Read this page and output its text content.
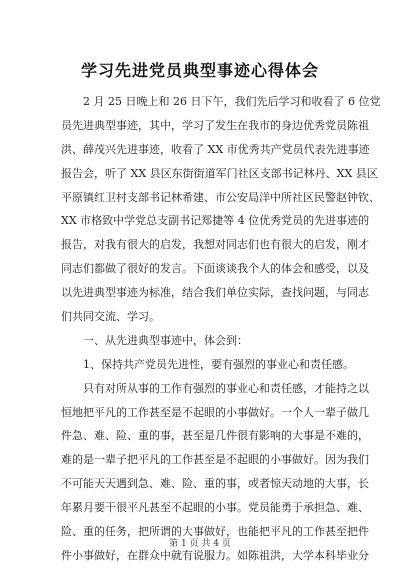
学习先进党员典型事迹心得体会
2 月 25 日晚上和 26 日下午，我们先后学习和收看了 6 位党
员先进典型事迹，其中，学习了发生在我市的身边优秀党员陈祖
洪、薛茂兴先进事迹，收看了 XX 市优秀共产党员代表先进事迹
报告会，听了 XX 县区东街街道军门社区支部书记林丹、XX 县区
平原镇红卫村支部书记林希建、市公安局洋中所社区民警赵钟钦、
XX 市格致中学党总支副书记郑捷等 4 位优秀党员的先进事迹的
报告，对我有很大的启发，我想对同志们也有很大的启发，刚才
同志们都做了很好的发言。下面谈谈我个人的体会和感受，以及
以先进典型事迹为标准，结合我们单位实际，查找问题，与同志
们共同交流、学习。
一、从先进典型事迹中，体会到：
1、保持共产党员先进性，要有强烈的事业心和责任感。
只有对所从事的工作有强烈的事业心和责任感，才能持之以
恒地把平凡的工作甚至是不起眼的小事做好。一个人一辈子做几
件急、难、险、重的事，甚至是几件很有影响的大事是不难的，
难的是一辈子把平凡的工作甚至是不起眼的小事做好。因为我们
不可能天天遇到急、难、险、重的事，或者惊天动地的大事，长
年累月要干很平凡甚至不起眼的小事。党员能勇于承担急、难、
险、重的任务，把所谓的大事做好，也能把平凡的工作甚至把件
件小事做好，在群众中就有说服力。如陈祖洪，大学本科毕业分
第 1 页 共 4 页
